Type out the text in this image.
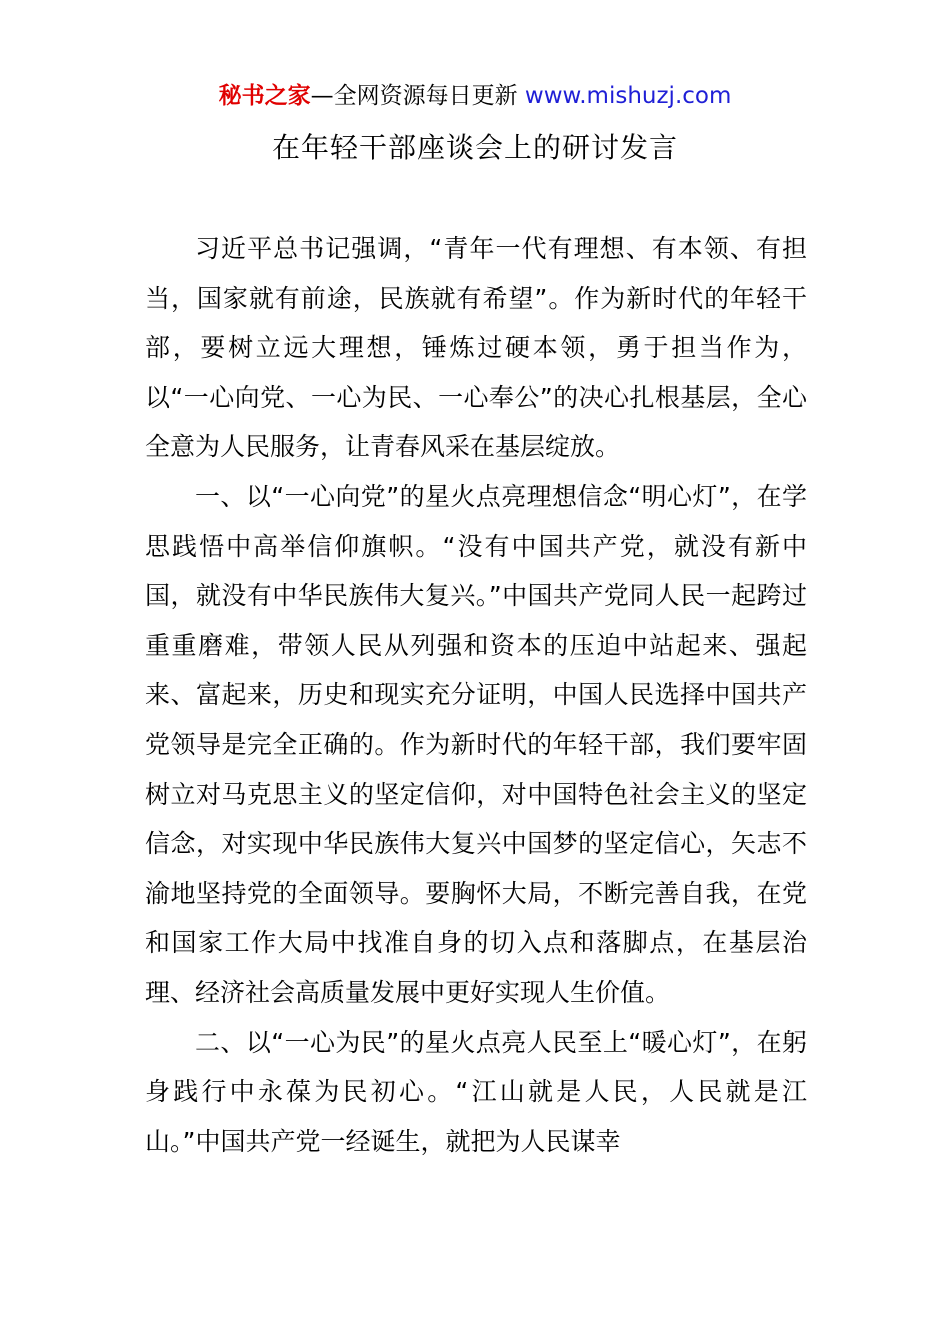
秘书之家—全网资源每日更新 www.mishuzj.com
在年轻干部座谈会上的研讨发言

习近平总书记强调，“青年一代有理想、有本领、有担当，国家就有前途，民族就有希望”。作为新时代的年轻干部，要树立远大理想，锤炼过硬本领，勇于担当作为，以“一心向党、一心为民、一心奉公”的决心扎根基层，全心全意为人民服务，让青春风采在基层绽放。

一、以“一心向党”的星火点亮理想信念“明心灯”，在学思践悟中高举信仰旗帜。“没有中国共产党，就没有新中国，就没有中华民族伟大复兴。”中国共产党同人民一起跨过重重磨难，带领人民从列强和资本的压迫中站起来、强起来、富起来，历史和现实充分证明，中国人民选择中国共产党领导是完全正确的。作为新时代的年轻干部，我们要牢固树立对马克思主义的坚定信仰，对中国特色社会主义的坚定信念，对实现中华民族伟大复兴中国梦的坚定信心，矢志不渝地坚持党的全面领导。要胸怀大局，不断完善自我，在党和国家工作大局中找准自身的切入点和落脚点，在基层治理、经济社会高质量发展中更好实现人生价值。

二、以“一心为民”的星火点亮人民至上“暖心灯”，在躬身践行中永葆为民初心。“江山就是人民，人民就是江山。”中国共产党一经诞生，就把为人民谋幸
